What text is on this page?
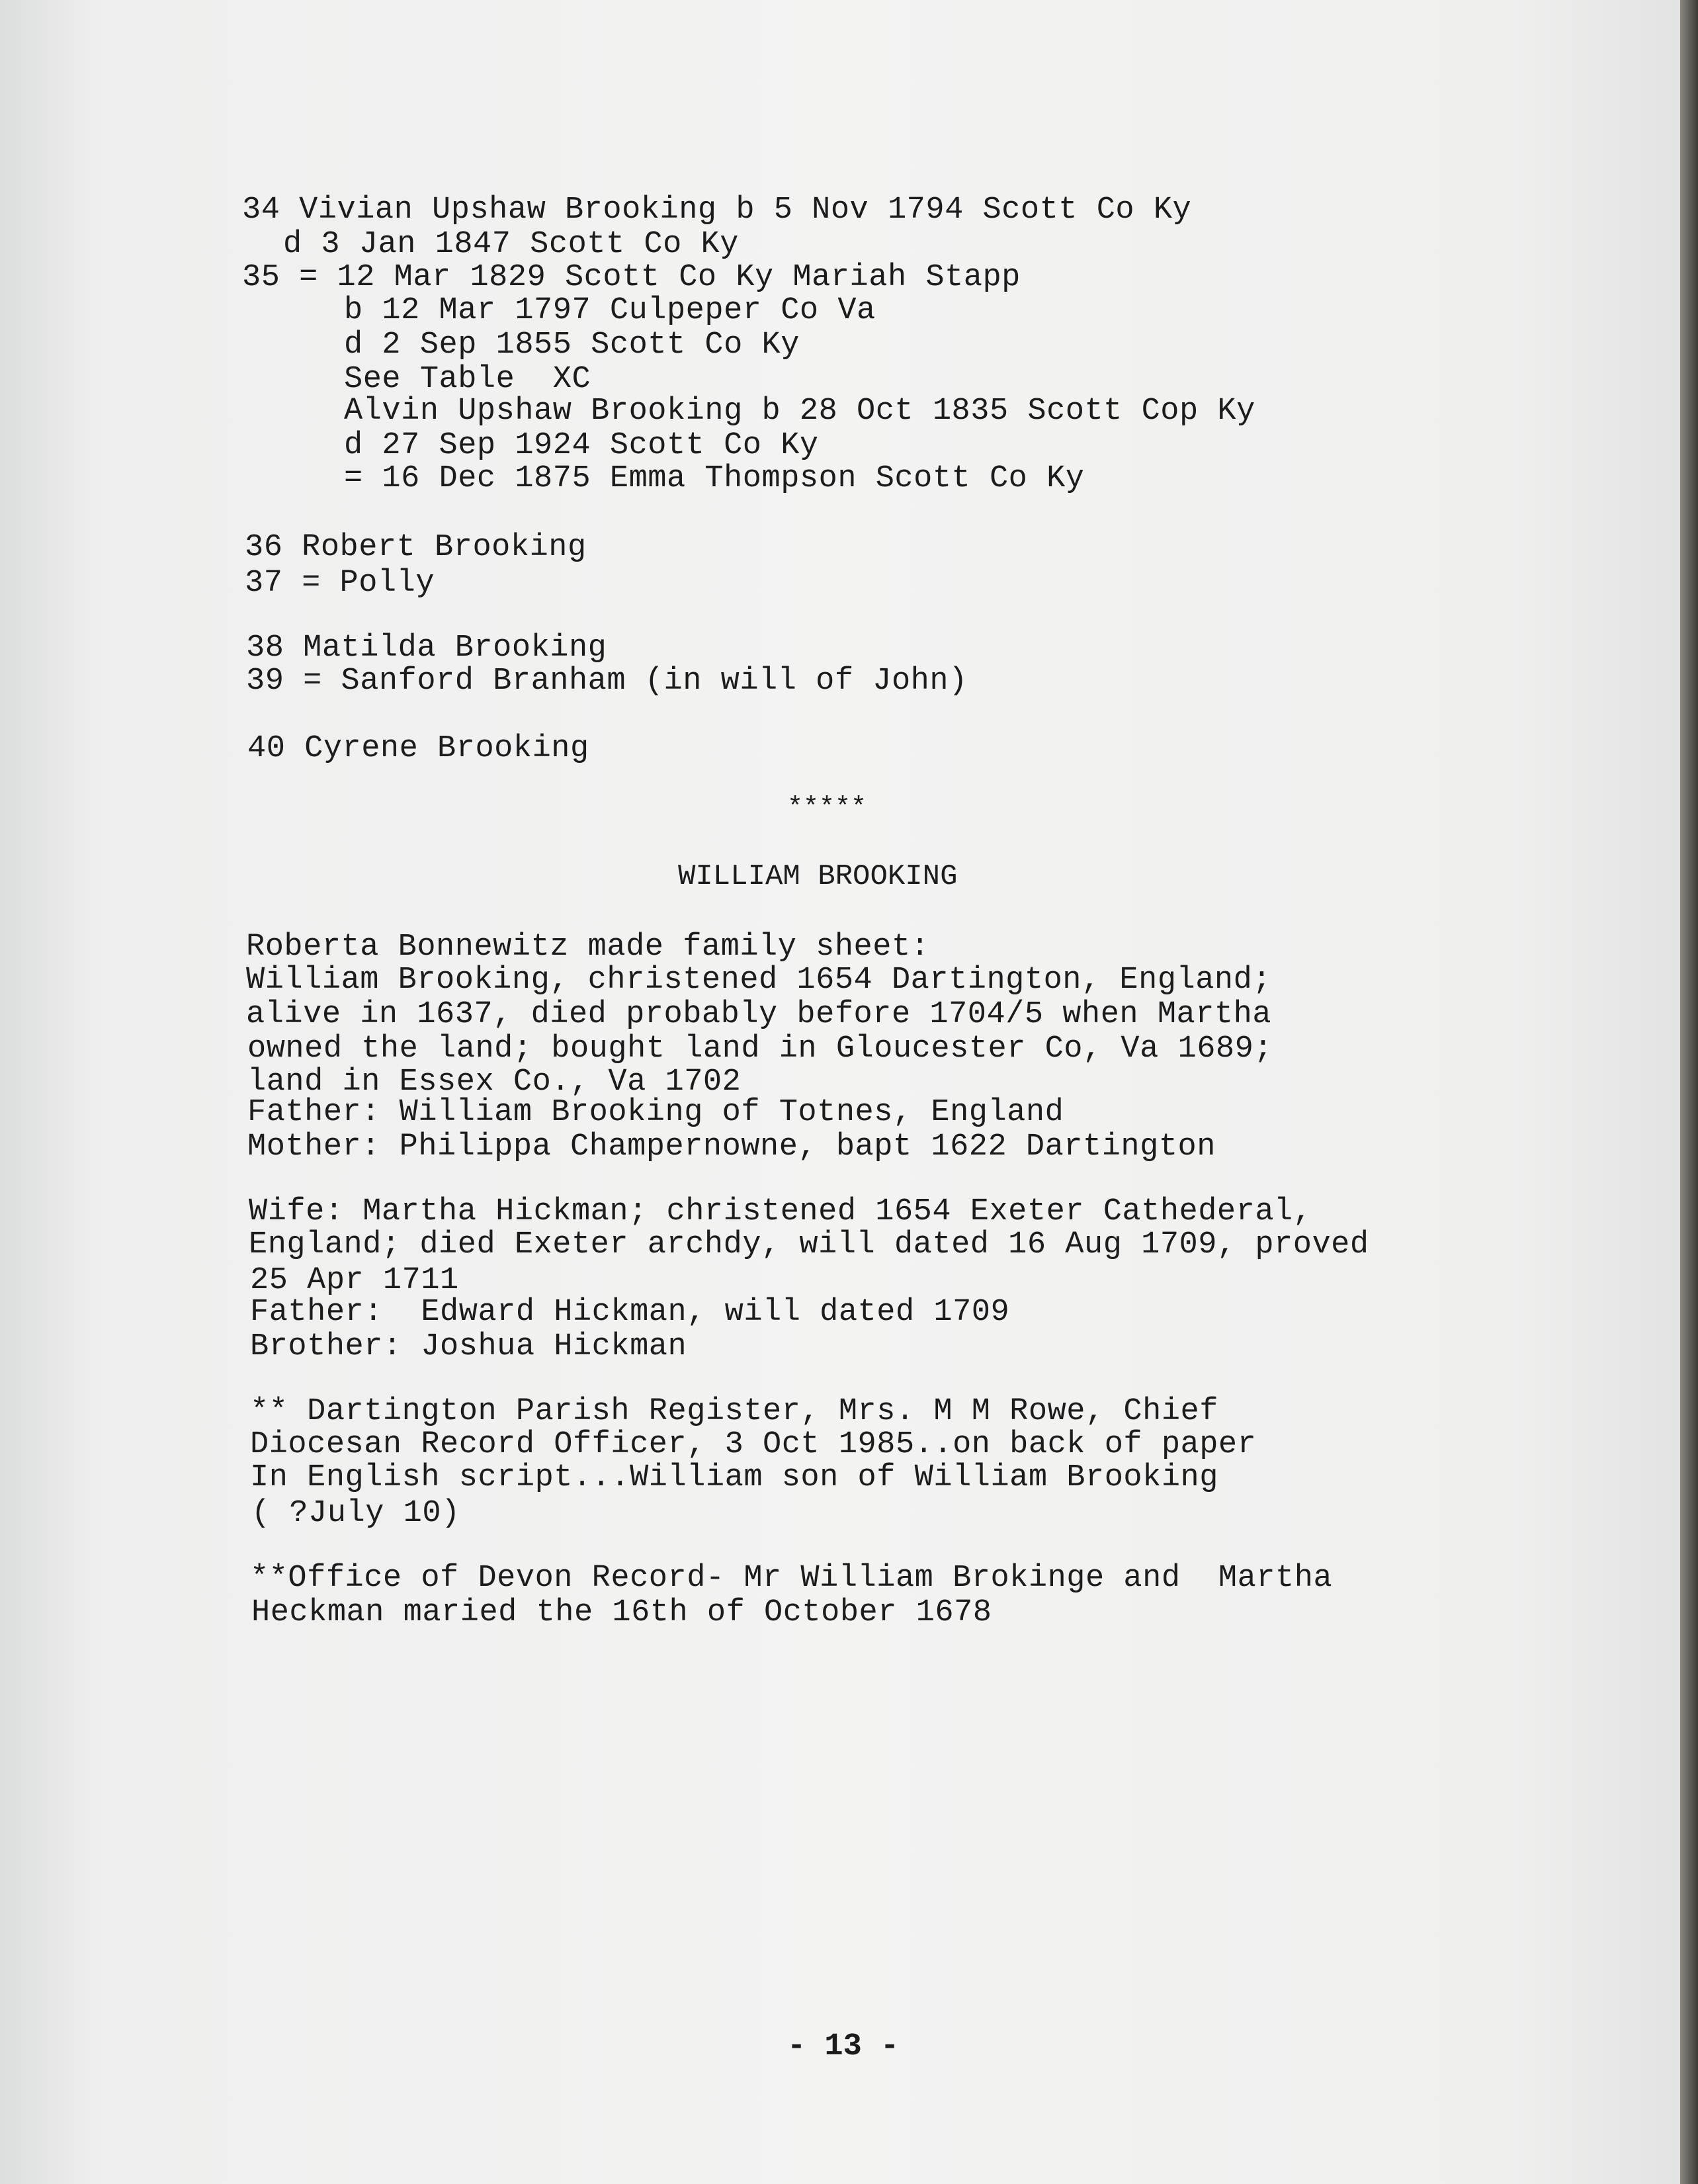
34 Vivian Upshaw Brooking b 5 Nov 1794 Scott Co Ky
d 3 Jan 1847 Scott Co Ky
35 = 12 Mar 1829 Scott Co Ky Mariah Stapp
b 12 Mar 1797 Culpeper Co Va
d 2 Sep 1855 Scott Co Ky
See Table  XC
Alvin Upshaw Brooking b 28 Oct 1835 Scott Cop Ky
d 27 Sep 1924 Scott Co Ky
= 16 Dec 1875 Emma Thompson Scott Co Ky
36 Robert Brooking
37 = Polly
38 Matilda Brooking
39 = Sanford Branham (in will of John)
40 Cyrene Brooking
*****
WILLIAM BROOKING
Roberta Bonnewitz made family sheet:
William Brooking, christened 1654 Dartington, England;
alive in 1637, died probably before 1704/5 when Martha
owned the land; bought land in Gloucester Co, Va 1689;
land in Essex Co., Va 1702
Father: William Brooking of Totnes, England
Mother: Philippa Champernowne, bapt 1622 Dartington
Wife: Martha Hickman; christened 1654 Exeter Cathederal,
England; died Exeter archdy, will dated 16 Aug 1709, proved
25 Apr 1711
Father:  Edward Hickman, will dated 1709
Brother: Joshua Hickman
** Dartington Parish Register, Mrs. M M Rowe, Chief
Diocesan Record Officer, 3 Oct 1985..on back of paper
In English script...William son of William Brooking
( ?July 10)
**Office of Devon Record- Mr William Brokinge and  Martha
Heckman maried the 16th of October 1678
- 13 -
